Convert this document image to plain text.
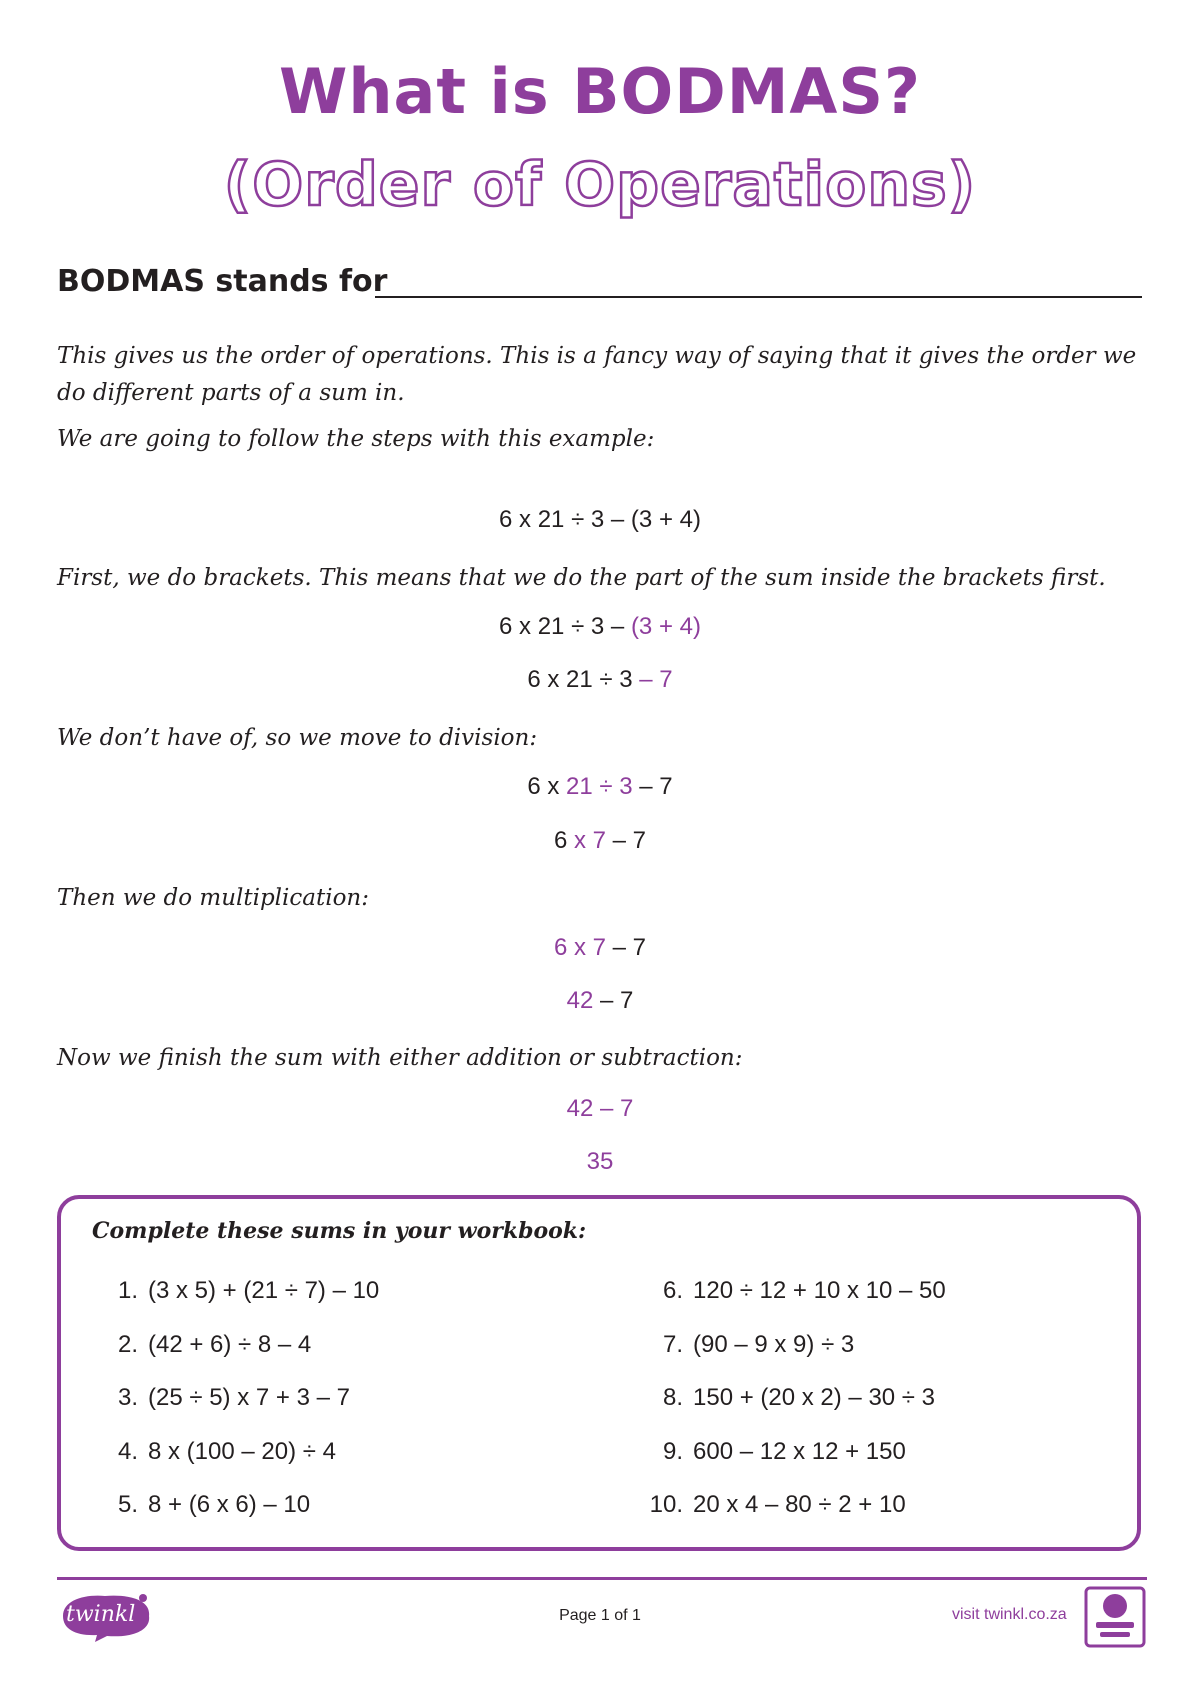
What is BODMAS?
(Order of Operations)
BODMAS stands for
This gives us the order of operations. This is a fancy way of saying that it gives the order we do different parts of a sum in.
We are going to follow the steps with this example:
6 x 21 ÷ 3 – (3 + 4)
First, we do brackets. This means that we do the part of the sum inside the brackets first.
6 x 21 ÷ 3 – (3 + 4)
6 x 21 ÷ 3 – 7
We don’t have of, so we move to division:
6 x 21 ÷ 3 – 7
6 x 7 – 7
Then we do multiplication:
6 x 7 – 7
42 – 7
Now we finish the sum with either addition or subtraction:
42 – 7
35
Complete these sums in your workbook:
1. (3 x 5) + (21 ÷ 7) – 10
2. (42 + 6) ÷ 8 – 4
3. (25 ÷ 5) x 7 + 3 – 7
4. 8 x (100 – 20) ÷ 4
5. 8 + (6 x 6) – 10
6. 120 ÷ 12 + 10 x 10 – 50
7. (90 – 9 x 9) ÷ 3
8. 150 + (20 x 2) – 30 ÷ 3
9. 600 – 12 x 12 + 150
10. 20 x 4 – 80 ÷ 2 + 10
twinkl	Page 1 of 1	visit twinkl.co.za
